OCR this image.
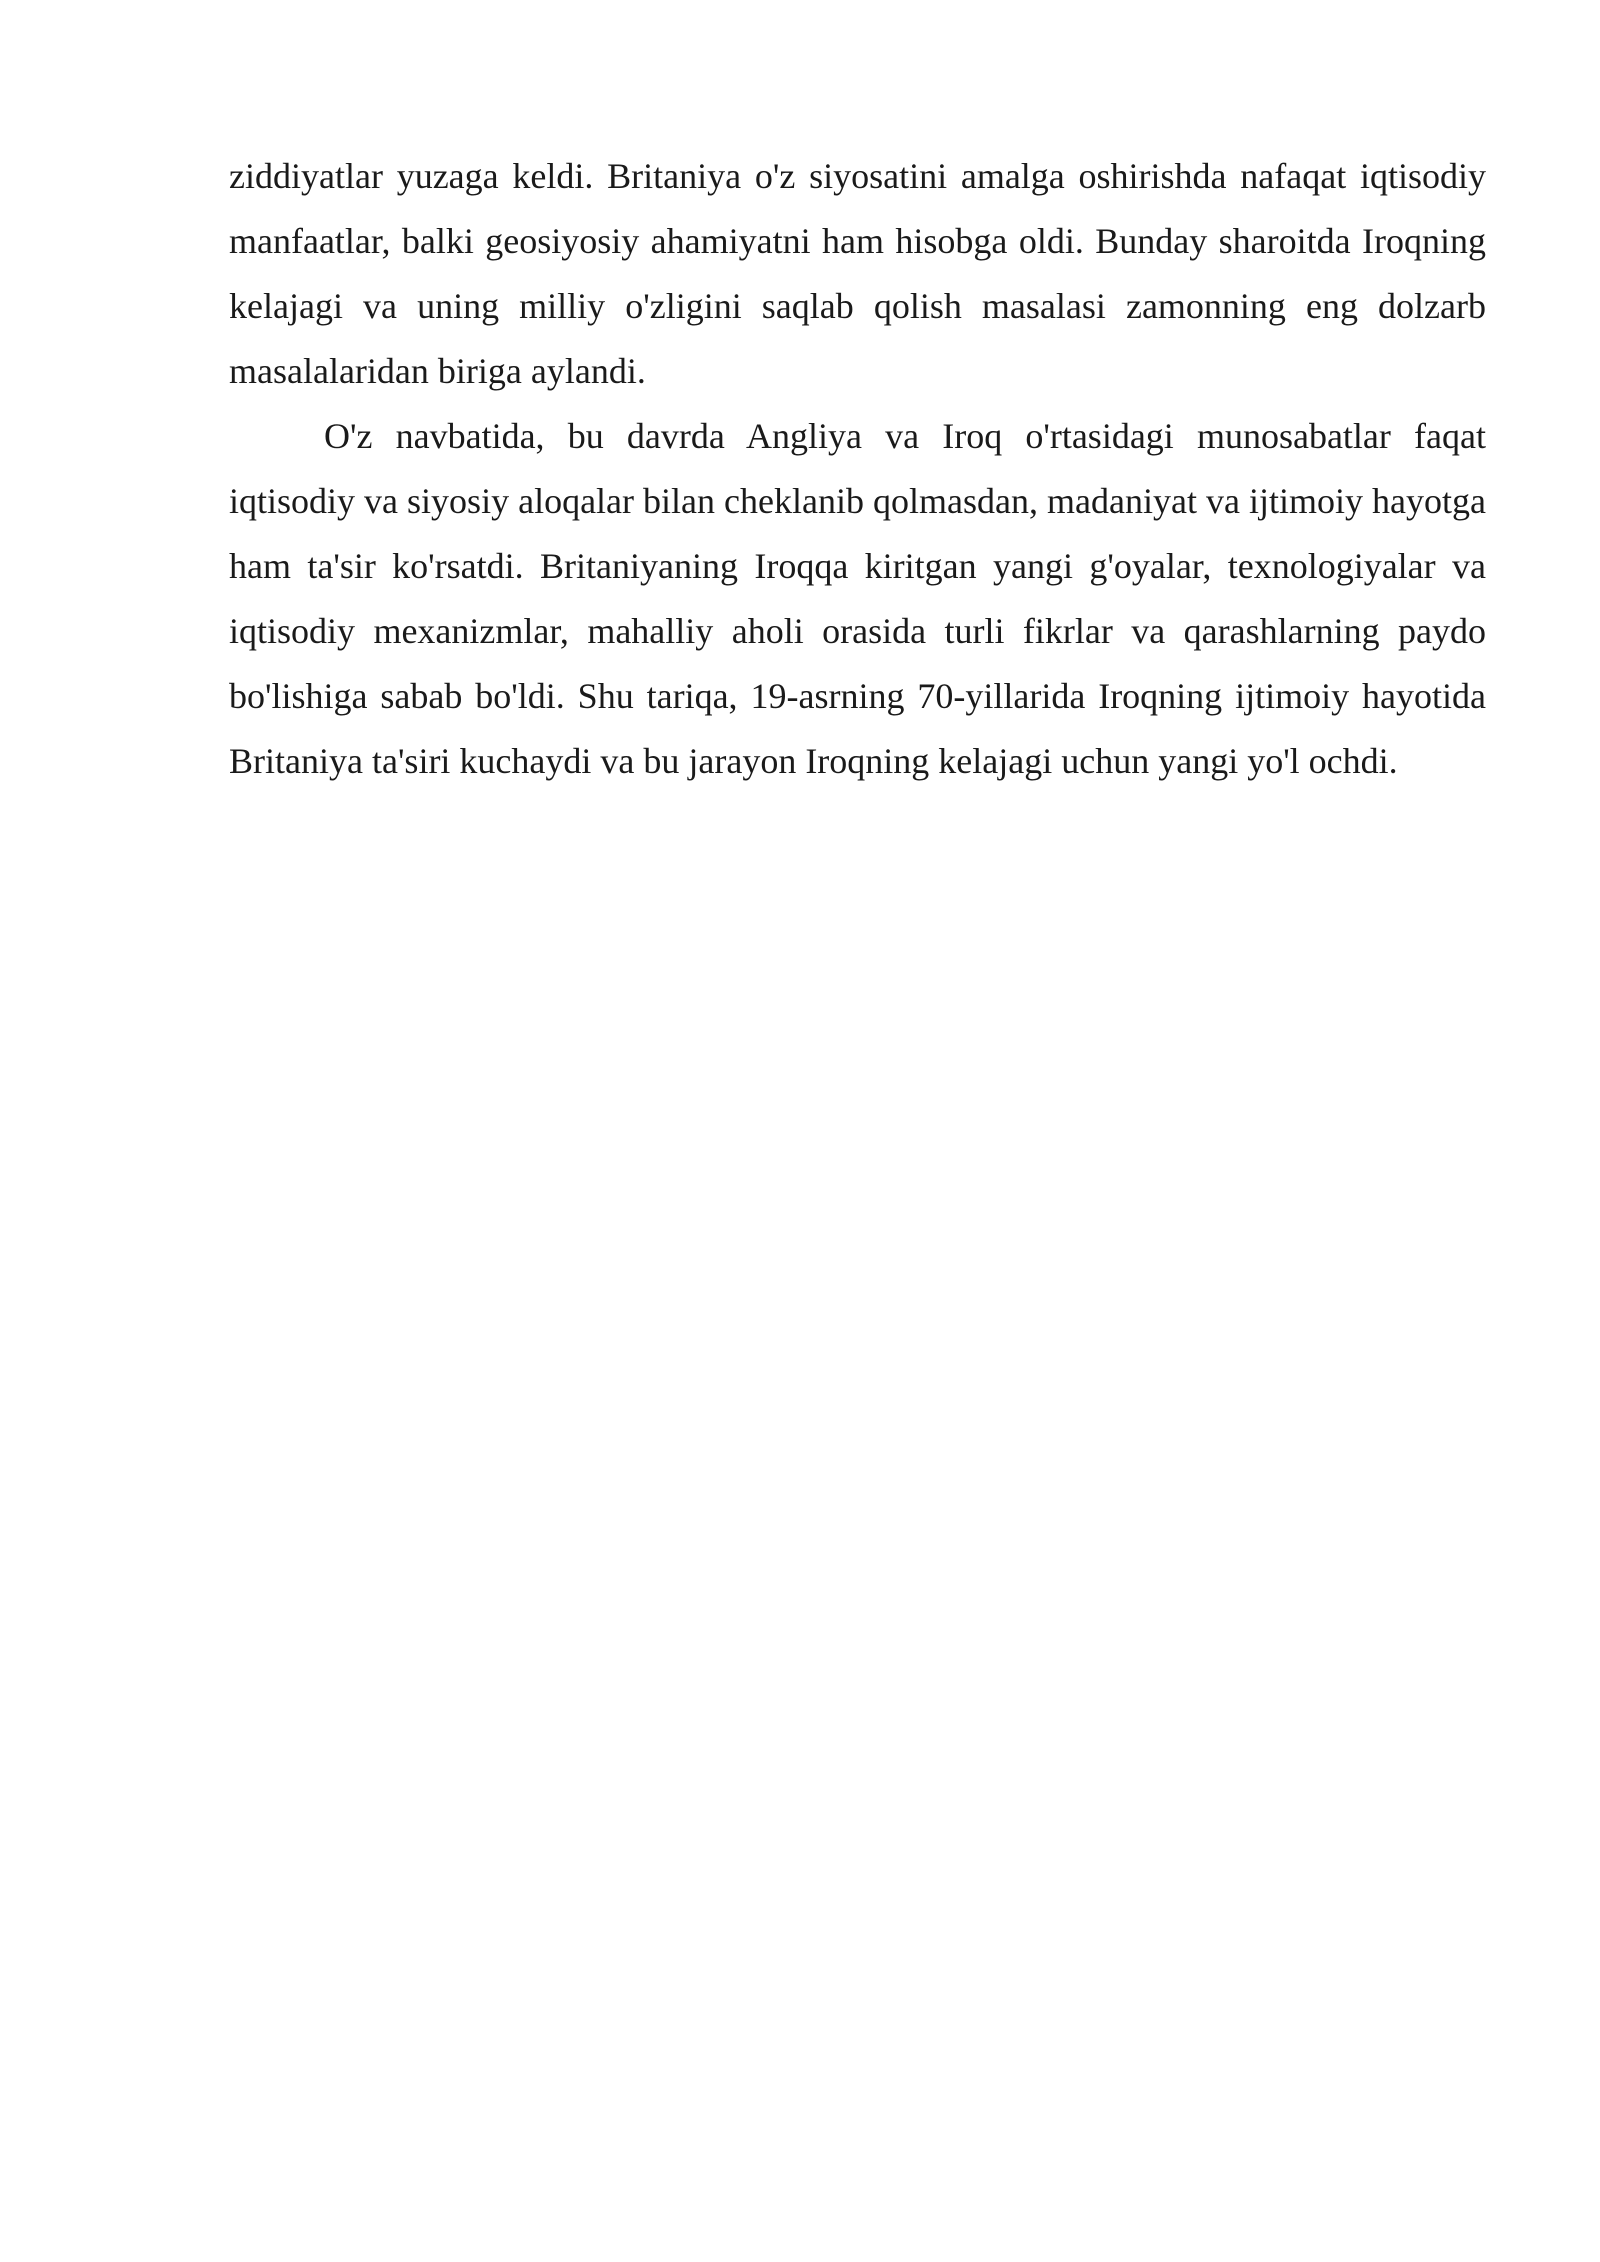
ziddiyatlar yuzaga keldi. Britaniya o'z siyosatini amalga oshirishda nafaqat iqtisodiy manfaatlar, balki geosiyosiy ahamiyatni ham hisobga oldi. Bunday sharoitda Iroqning kelajagi va uning milliy o'zligini saqlab qolish masalasi zamonning eng dolzarb masalalaridan biriga aylandi.

O'z navbatida, bu davrda Angliya va Iroq o'rtasidagi munosabatlar faqat iqtisodiy va siyosiy aloqalar bilan cheklanib qolmasdan, madaniyat va ijtimoiy hayotga ham ta'sir ko'rsatdi. Britaniyaning Iroqqa kiritgan yangi g'oyalar, texnologiyalar va iqtisodiy mexanizmlar, mahalliy aholi orasida turli fikrlar va qarashlarning paydo bo'lishiga sabab bo'ldi. Shu tariqa, 19-asrning 70-yillarida Iroqning ijtimoiy hayotida Britaniya ta'siri kuchaydi va bu jarayon Iroqning kelajagi uchun yangi yo'l ochdi.
